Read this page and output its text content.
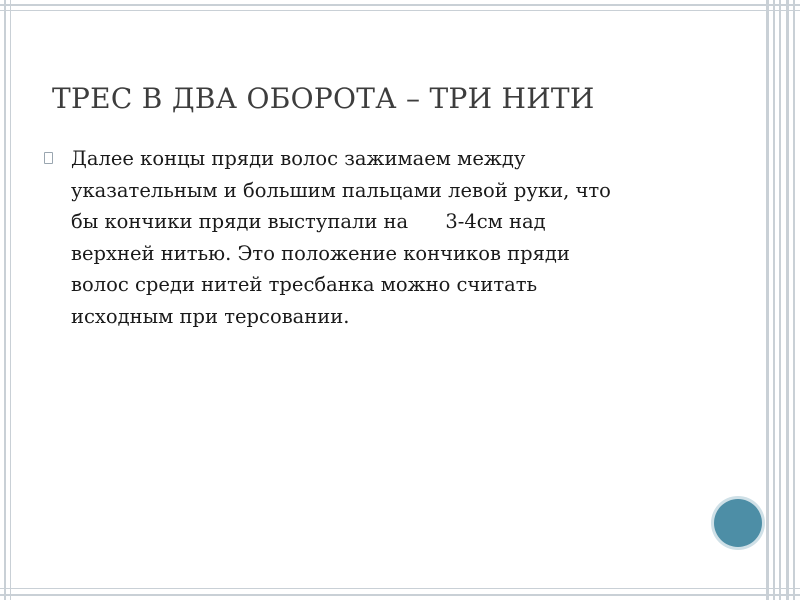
ТРЕС В ДВА ОБОРОТА – ТРИ НИТИ
Далее концы пряди волос зажимаем между
указательным и большим пальцами левой руки, что
бы кончики пряди выступали на      3-4см над
верхней нитью. Это положение кончиков пряди
волос среди нитей тресбанка можно считать
исходным при терсовании.
